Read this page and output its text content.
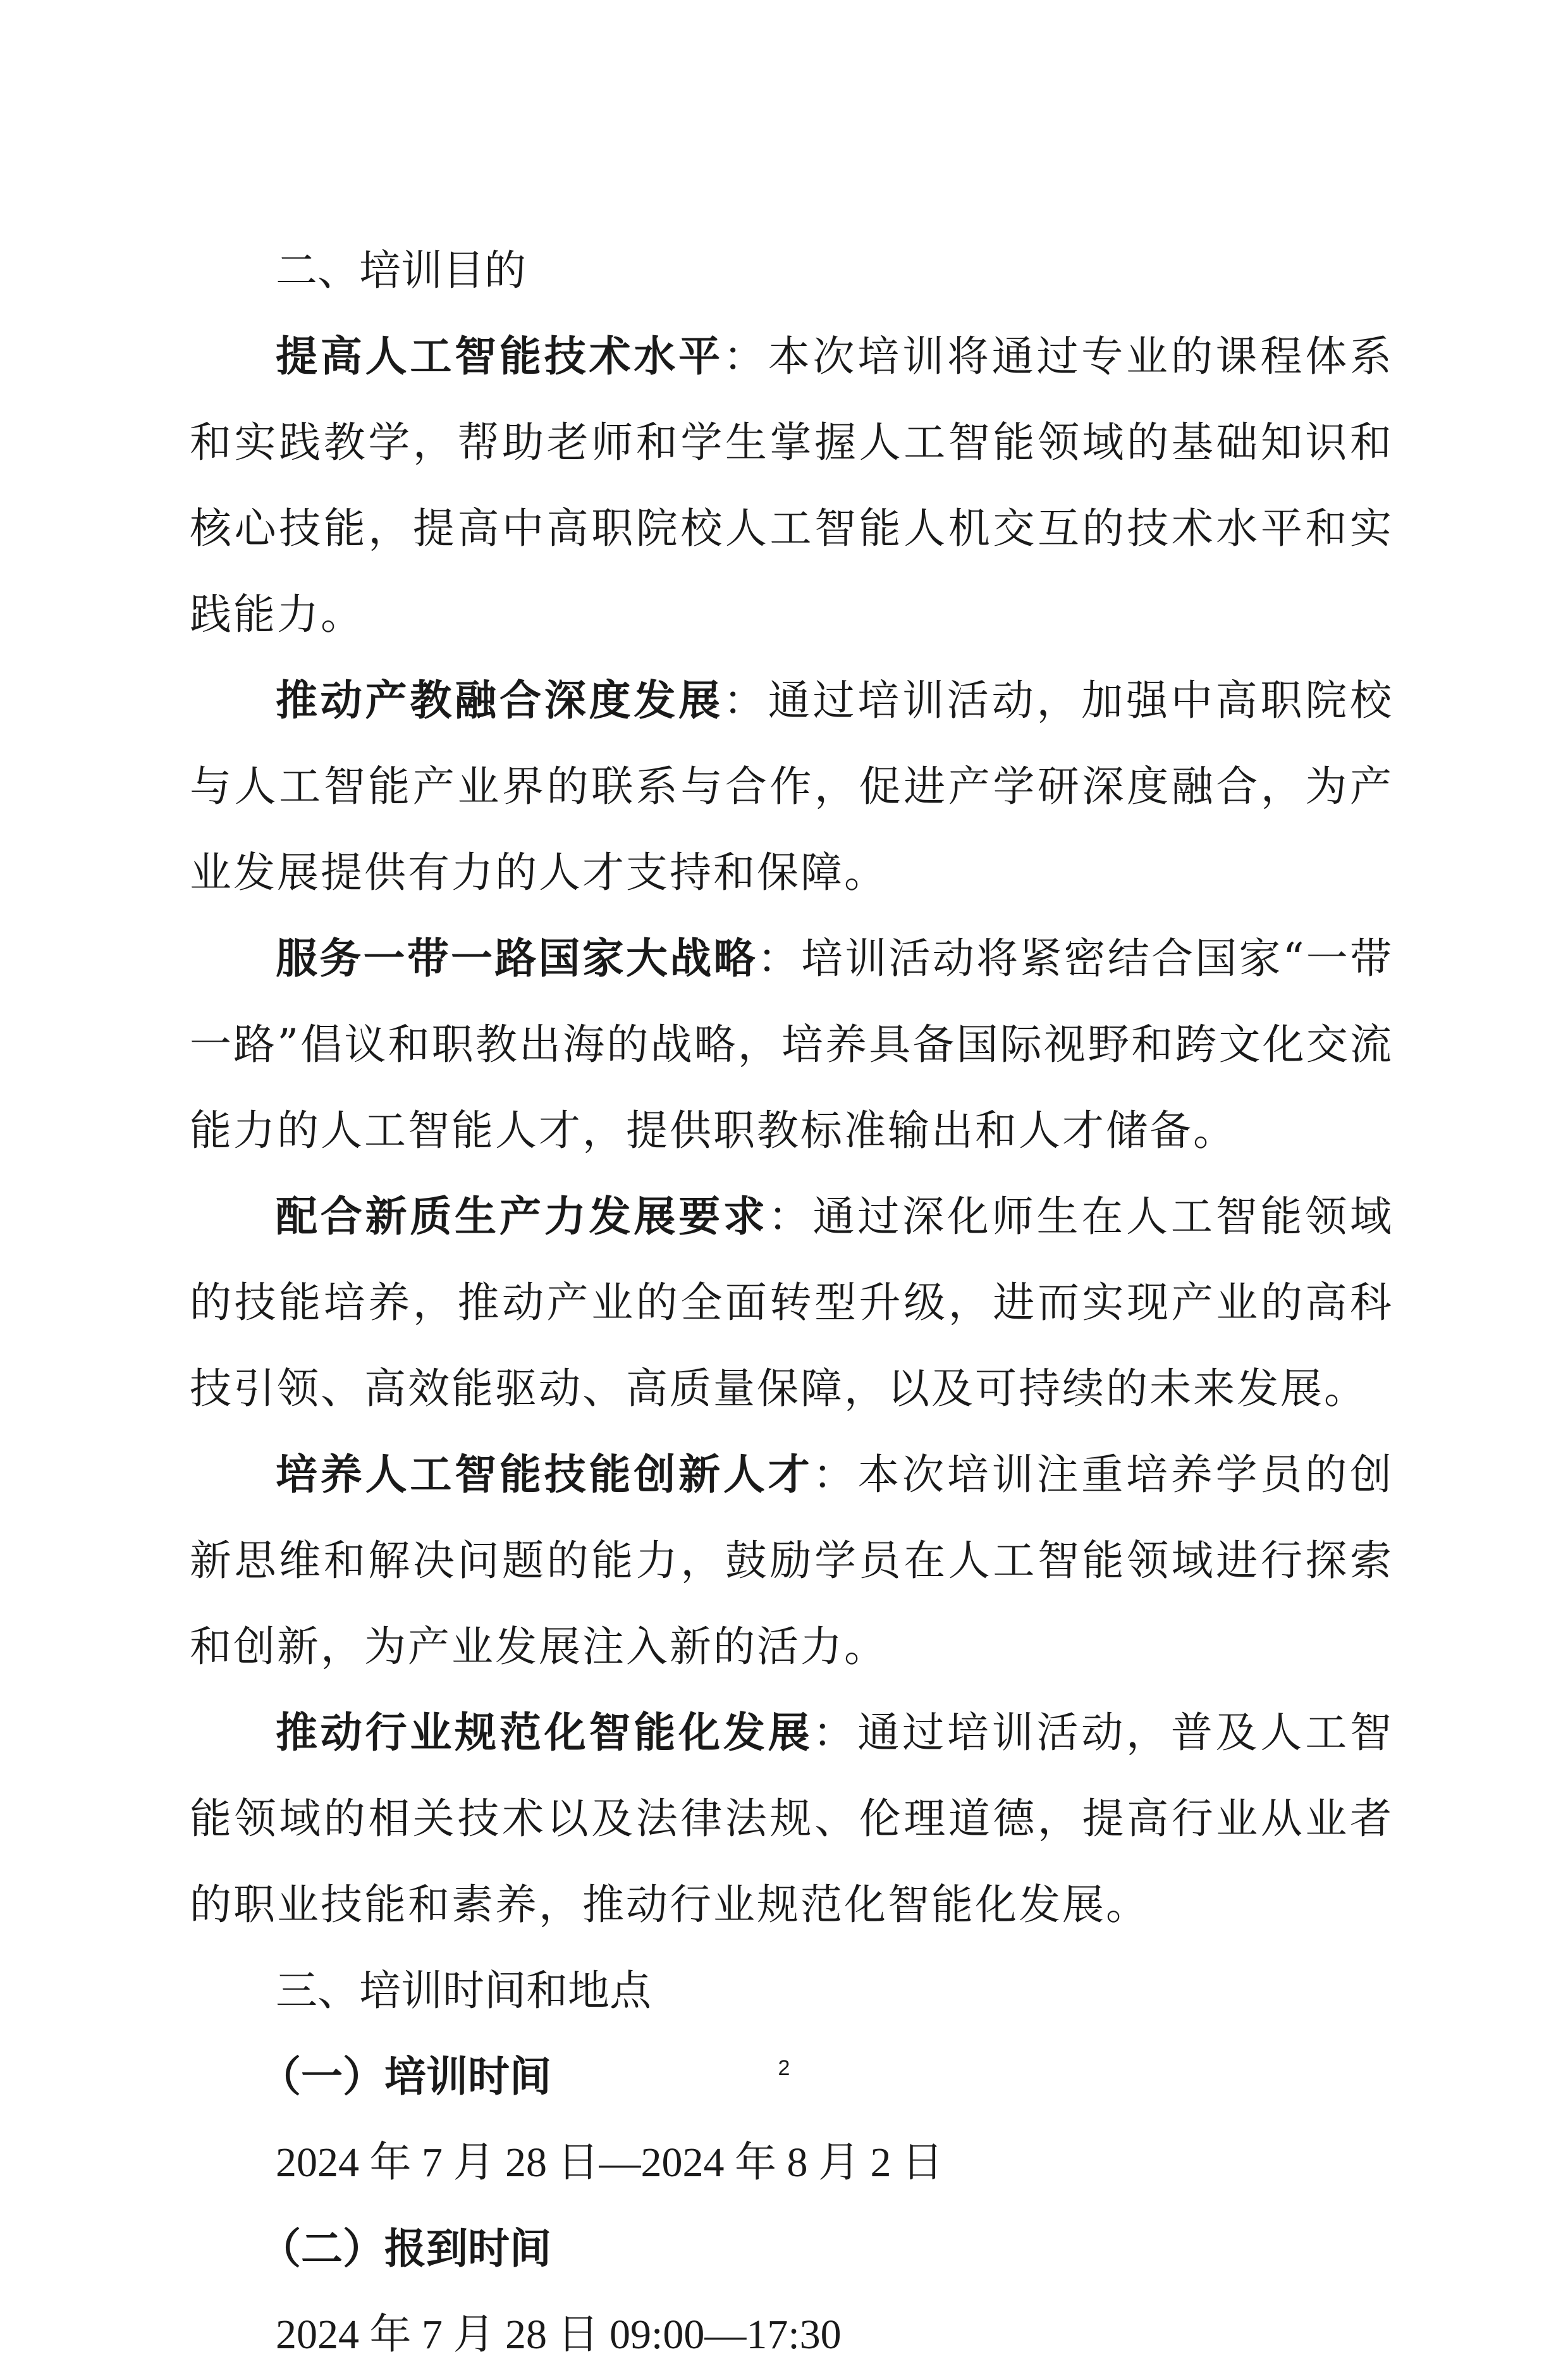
二、培训目的

提高人工智能技术水平：本次培训将通过专业的课程体系和实践教学，帮助老师和学生掌握人工智能领域的基础知识和核心技能，提高中高职院校人工智能人机交互的技术水平和实践能力。

推动产教融合深度发展：通过培训活动，加强中高职院校与人工智能产业界的联系与合作，促进产学研深度融合，为产业发展提供有力的人才支持和保障。

服务一带一路国家大战略：培训活动将紧密结合国家“一带一路”倡议和职教出海的战略，培养具备国际视野和跨文化交流能力的人工智能人才，提供职教标准输出和人才储备。

配合新质生产力发展要求：通过深化师生在人工智能领域的技能培养，推动产业的全面转型升级，进而实现产业的高科技引领、高效能驱动、高质量保障，以及可持续的未来发展。

培养人工智能技能创新人才：本次培训注重培养学员的创新思维和解决问题的能力，鼓励学员在人工智能领域进行探索和创新，为产业发展注入新的活力。

推动行业规范化智能化发展：通过培训活动，普及人工智能领域的相关技术以及法律法规、伦理道德，提高行业从业者的职业技能和素养，推动行业规范化智能化发展。

三、培训时间和地点
（一）培训时间

2024 年 7 月 28 日—2024 年 8 月 2 日

（二）报到时间

2024 年 7 月 28 日 09:00—17:30

2
